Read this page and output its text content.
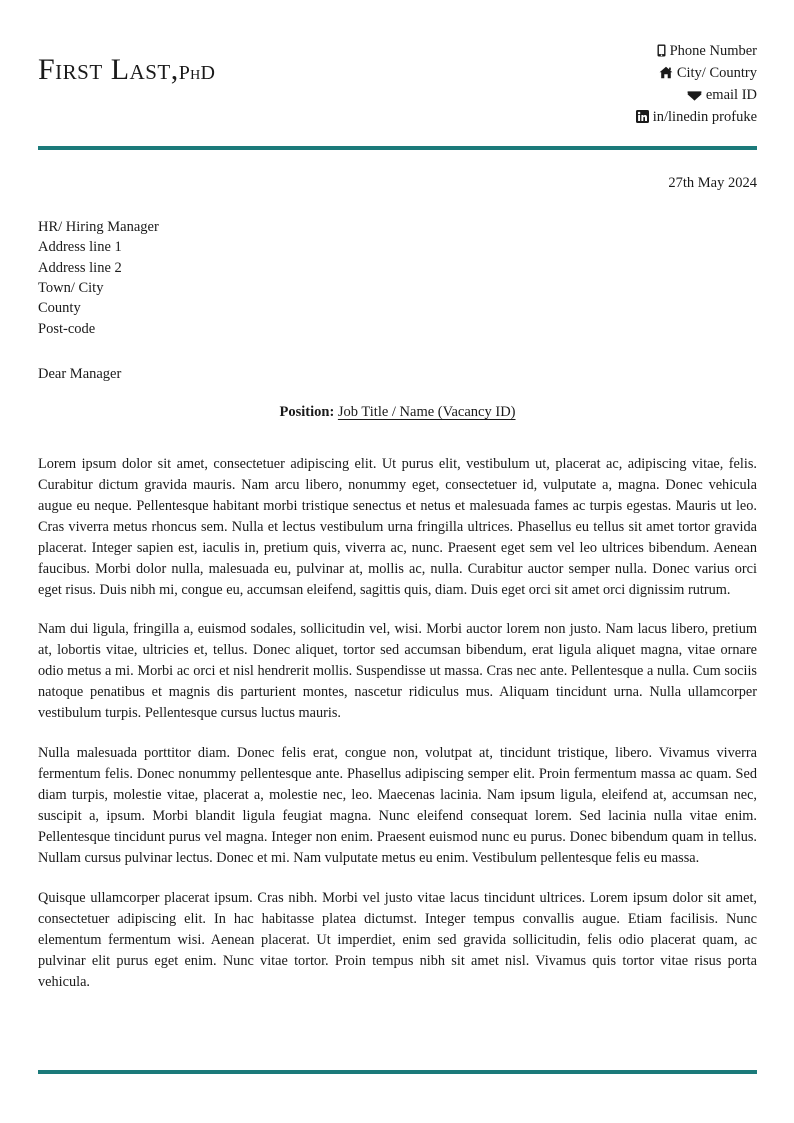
First Last,PhD
Phone Number
City/ Country
email ID
in/linedin profuke
27th May 2024
HR/ Hiring Manager
Address line 1
Address line 2
Town/ City
County
Post-code
Dear Manager
Position: Job Title / Name (Vacancy ID)

Lorem ipsum dolor sit amet, consectetuer adipiscing elit. Ut purus elit, vestibulum ut, placerat ac, adipiscing vitae, felis. Curabitur dictum gravida mauris. Nam arcu libero, nonummy eget, consectetuer id, vulputate a, magna. Donec vehicula augue eu neque. Pellentesque habitant morbi tristique senectus et netus et malesuada fames ac turpis egestas. Mauris ut leo. Cras viverra metus rhoncus sem. Nulla et lectus vestibulum urna fringilla ultrices. Phasellus eu tellus sit amet tortor gravida placerat. Integer sapien est, iaculis in, pretium quis, viverra ac, nunc. Praesent eget sem vel leo ultrices bibendum. Aenean faucibus. Morbi dolor nulla, malesuada eu, pulvinar at, mollis ac, nulla. Curabitur auctor semper nulla. Donec varius orci eget risus. Duis nibh mi, congue eu, accumsan eleifend, sagittis quis, diam. Duis eget orci sit amet orci dignissim rutrum.

Nam dui ligula, fringilla a, euismod sodales, sollicitudin vel, wisi. Morbi auctor lorem non justo. Nam lacus libero, pretium at, lobortis vitae, ultricies et, tellus. Donec aliquet, tortor sed accumsan bibendum, erat ligula aliquet magna, vitae ornare odio metus a mi. Morbi ac orci et nisl hendrerit mollis. Suspendisse ut massa. Cras nec ante. Pellentesque a nulla. Cum sociis natoque penatibus et magnis dis parturient montes, nascetur ridiculus mus. Aliquam tincidunt urna. Nulla ullamcorper vestibulum turpis. Pellentesque cursus luctus mauris.

Nulla malesuada porttitor diam. Donec felis erat, congue non, volutpat at, tincidunt tristique, libero. Vivamus viverra fermentum felis. Donec nonummy pellentesque ante. Phasellus adipiscing semper elit. Proin fermentum massa ac quam. Sed diam turpis, molestie vitae, placerat a, molestie nec, leo. Maecenas lacinia. Nam ipsum ligula, eleifend at, accumsan nec, suscipit a, ipsum. Morbi blandit ligula feugiat magna. Nunc eleifend consequat lorem. Sed lacinia nulla vitae enim. Pellentesque tincidunt purus vel magna. Integer non enim. Praesent euismod nunc eu purus. Donec bibendum quam in tellus. Nullam cursus pulvinar lectus. Donec et mi. Nam vulputate metus eu enim. Vestibulum pellentesque felis eu massa.

Quisque ullamcorper placerat ipsum. Cras nibh. Morbi vel justo vitae lacus tincidunt ultrices. Lorem ipsum dolor sit amet, consectetuer adipiscing elit. In hac habitasse platea dictumst. Integer tempus convallis augue. Etiam facilisis. Nunc elementum fermentum wisi. Aenean placerat. Ut imperdiet, enim sed gravida sollicitudin, felis odio placerat quam, ac pulvinar elit purus eget enim. Nunc vitae tortor. Proin tempus nibh sit amet nisl. Vivamus quis tortor vitae risus porta vehicula.
